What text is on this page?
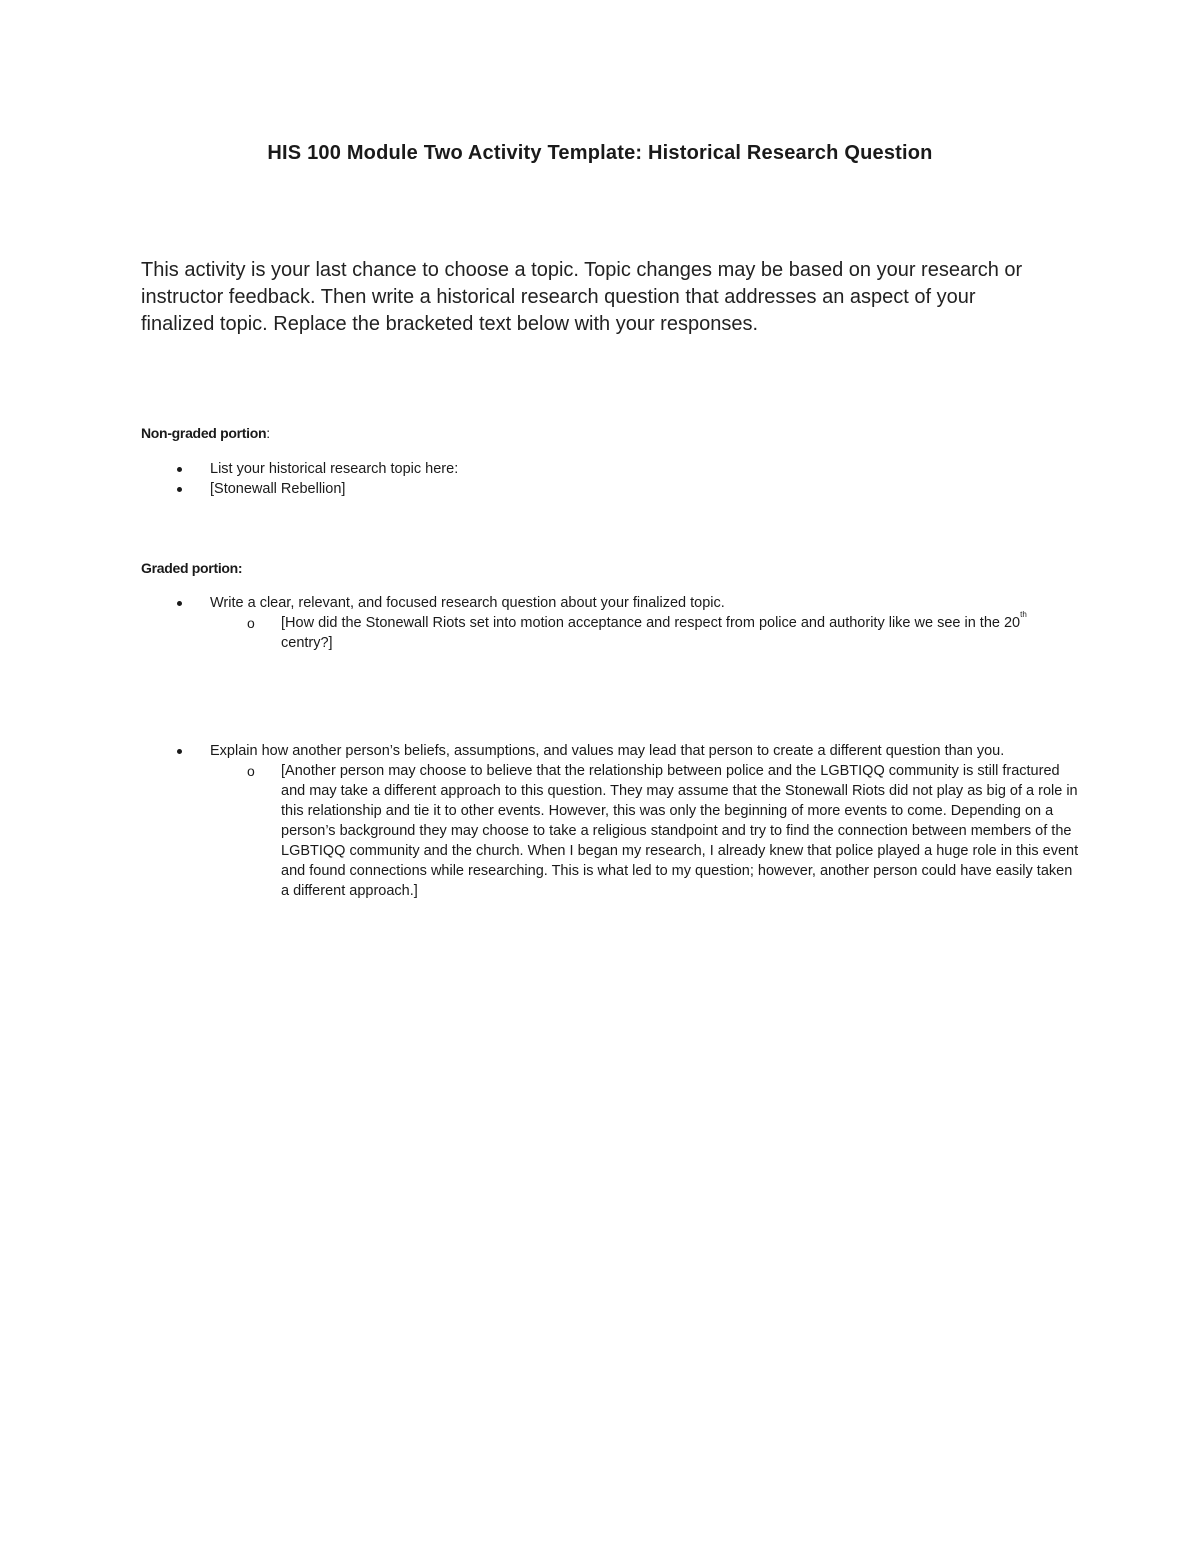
HIS 100 Module Two Activity Template: Historical Research Question

This activity is your last chance to choose a topic. Topic changes may be based on your research or instructor feedback. Then write a historical research question that addresses an aspect of your finalized topic. Replace the bracketed text below with your responses.

Non-graded portion:

List your historical research topic here:
[Stonewall Rebellion]

Graded portion:

Write a clear, relevant, and focused research question about your finalized topic.
o [How did the Stonewall Riots set into motion acceptance and respect from police and authority like we see in the 20th centry?]
Explain how another person’s beliefs, assumptions, and values may lead that person to create a different question than you.
o [Another person may choose to believe that the relationship between police and the LGBTIQQ community is still fractured and may take a different approach to this question. They may assume that the Stonewall Riots did not play as big of a role in this relationship and tie it to other events. However, this was only the beginning of more events to come. Depending on a person’s background they may choose to take a religious standpoint and try to find the connection between members of the LGBTIQQ community and the church. When I began my research, I already knew that police played a huge role in this event and found connections while researching. This is what led to my question; however, another person could have easily taken a different approach.]
